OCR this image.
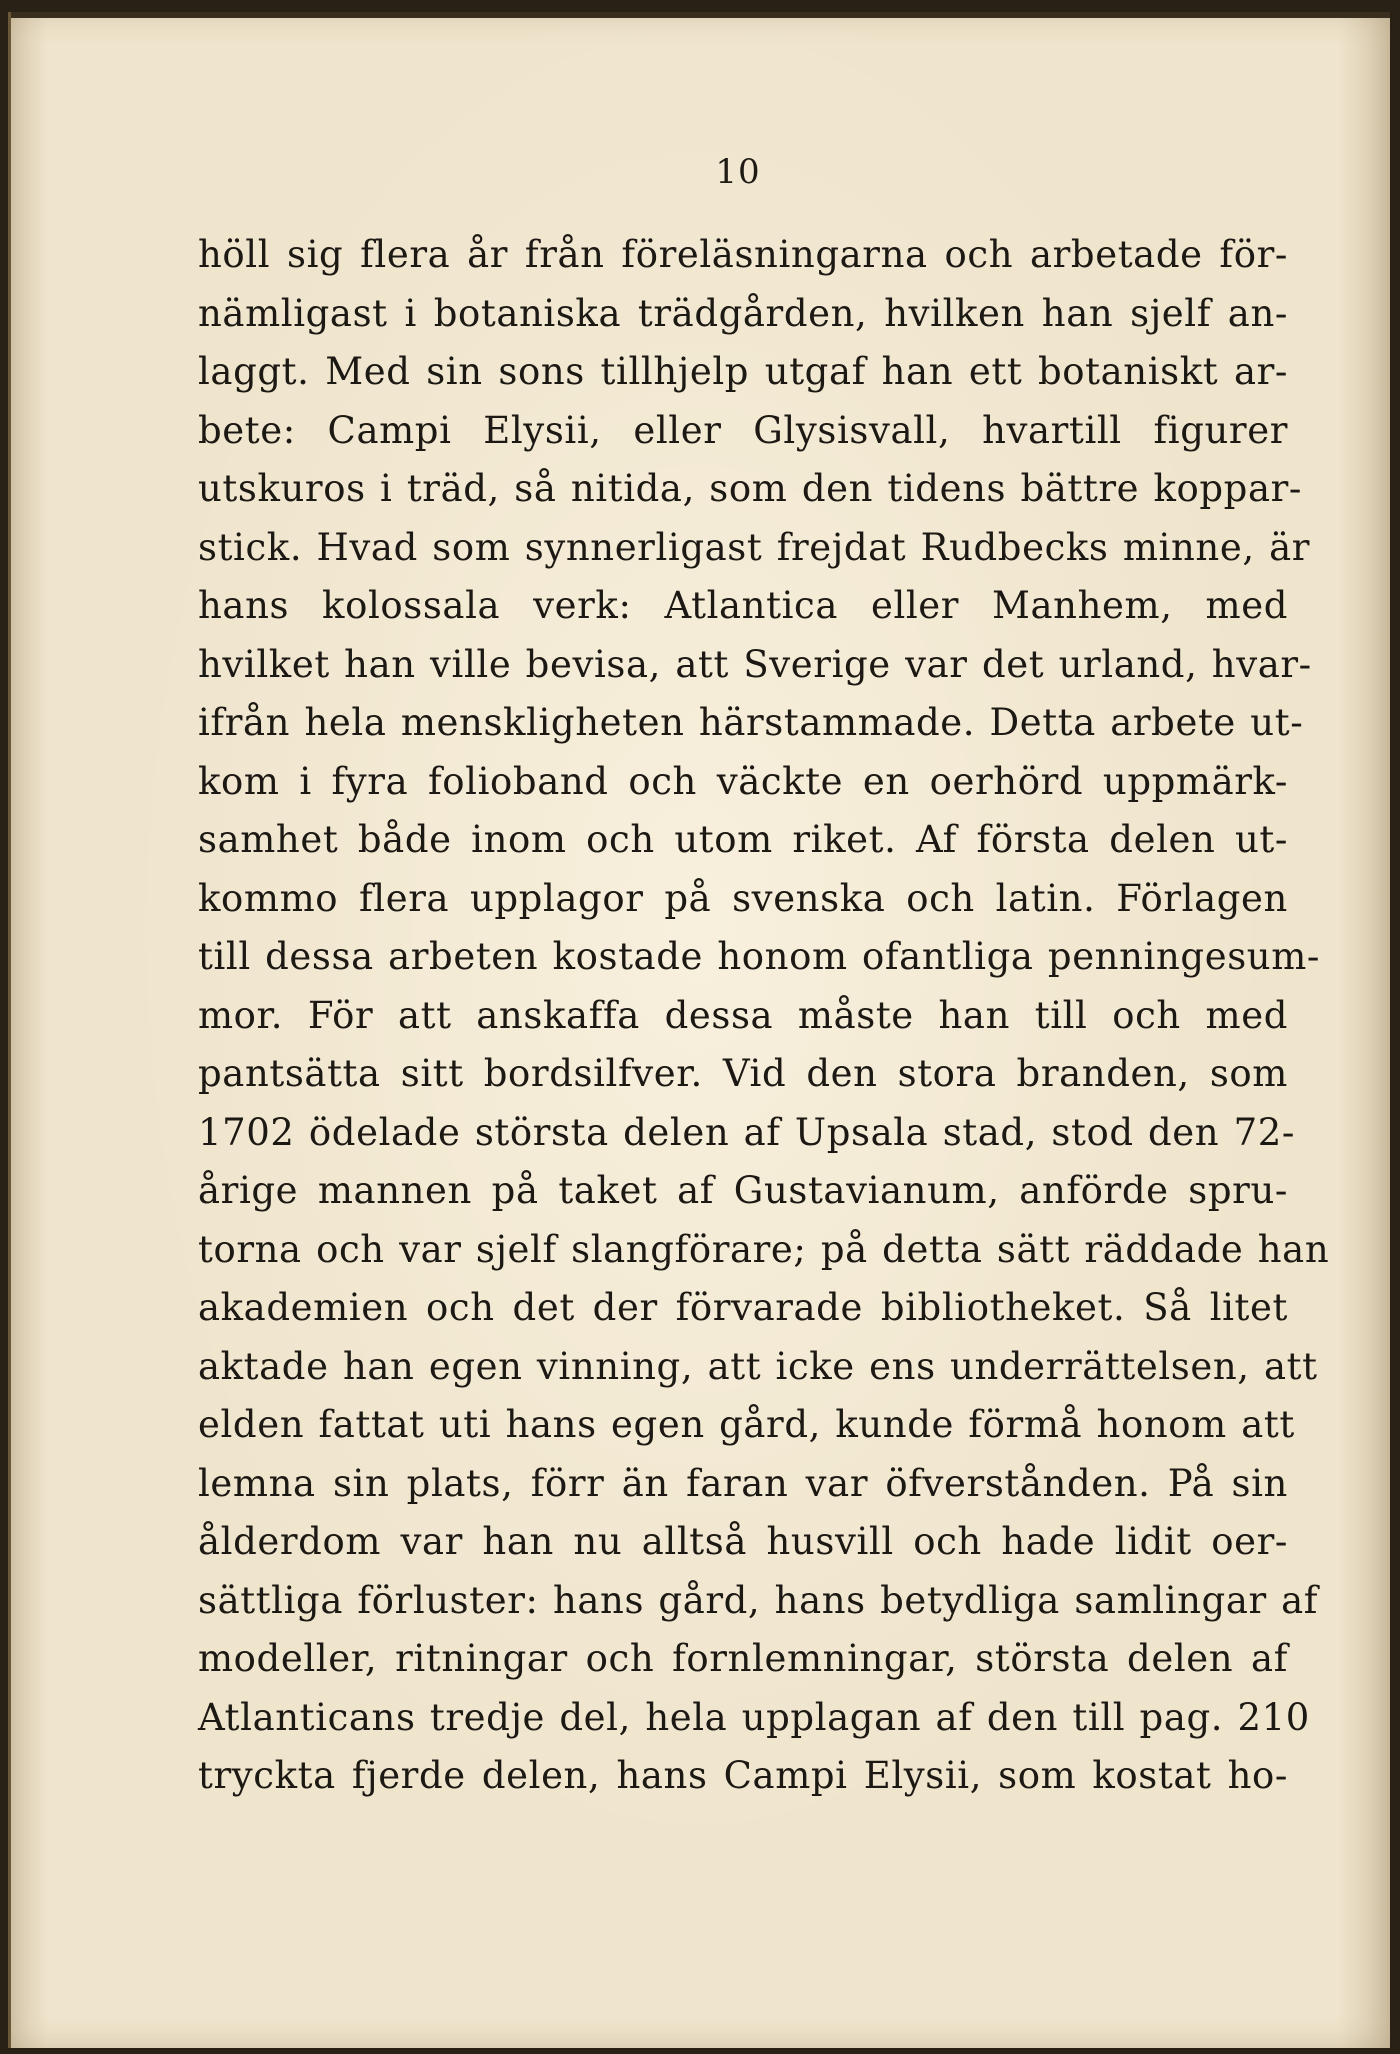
10
höll sig flera år från föreläsningarna och arbetade för-
nämligast i botaniska trädgården, hvilken han sjelf an-
laggt. Med sin sons tillhjelp utgaf han ett botaniskt ar-
bete: Campi Elysii, eller Glysisvall, hvartill figurer
utskuros i träd, så nitida, som den tidens bättre koppar-
stick. Hvad som synnerligast frejdat Rudbecks minne, är
hans kolossala verk: Atlantica eller Manhem, med
hvilket han ville bevisa, att Sverige var det urland, hvar-
ifrån hela menskligheten härstammade. Detta arbete ut-
kom i fyra folioband och väckte en oerhörd uppmärk-
samhet både inom och utom riket. Af första delen ut-
kommo flera upplagor på svenska och latin. Förlagen
till dessa arbeten kostade honom ofantliga penningesum-
mor. För att anskaffa dessa måste han till och med
pantsätta sitt bordsilfver. Vid den stora branden, som
1702 ödelade största delen af Upsala stad, stod den 72-
årige mannen på taket af Gustavianum, anförde spru-
torna och var sjelf slangförare; på detta sätt räddade han
akademien och det der förvarade bibliotheket. Så litet
aktade han egen vinning, att icke ens underrättelsen, att
elden fattat uti hans egen gård, kunde förmå honom att
lemna sin plats, förr än faran var öfverstånden. På sin
ålderdom var han nu alltså husvill och hade lidit oer-
sättliga förluster: hans gård, hans betydliga samlingar af
modeller, ritningar och fornlemningar, största delen af
Atlanticans tredje del, hela upplagan af den till pag. 210
tryckta fjerde delen, hans Campi Elysii, som kostat ho-
